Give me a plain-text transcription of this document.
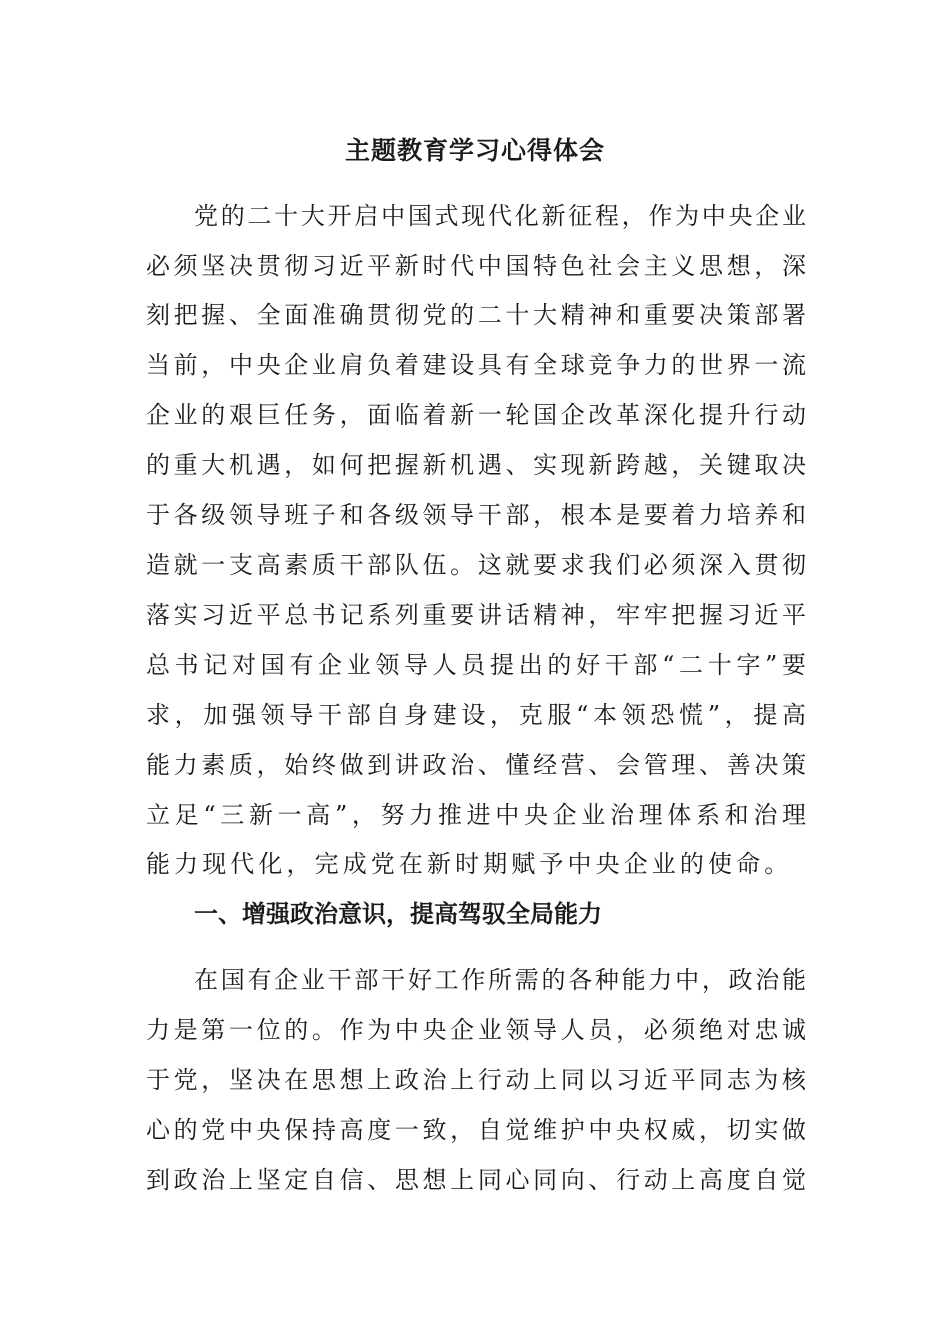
主题教育学习心得体会
党的二十大开启中国式现代化新征程，作为中央企业
必须坚决贯彻习近平新时代中国特色社会主义思想，深
刻把握、全面准确贯彻党的二十大精神和重要决策部署
当前，中央企业肩负着建设具有全球竞争力的世界一流
企业的艰巨任务，面临着新一轮国企改革深化提升行动
的重大机遇，如何把握新机遇、实现新跨越，关键取决
于各级领导班子和各级领导干部，根本是要着力培养和
造就一支高素质干部队伍。这就要求我们必须深入贯彻
落实习近平总书记系列重要讲话精神，牢牢把握习近平
总书记对国有企业领导人员提出的好干部“二十字”要
求，加强领导干部自身建设，克服“本领恐慌”，提高
能力素质，始终做到讲政治、懂经营、会管理、善决策
立足“三新一高”，努力推进中央企业治理体系和治理
能力现代化，完成党在新时期赋予中央企业的使命。
一、增强政治意识，提高驾驭全局能力
在国有企业干部干好工作所需的各种能力中，政治能
力是第一位的。作为中央企业领导人员，必须绝对忠诚
于党，坚决在思想上政治上行动上同以习近平同志为核
心的党中央保持高度一致，自觉维护中央权威，切实做
到政治上坚定自信、思想上同心同向、行动上高度自觉
